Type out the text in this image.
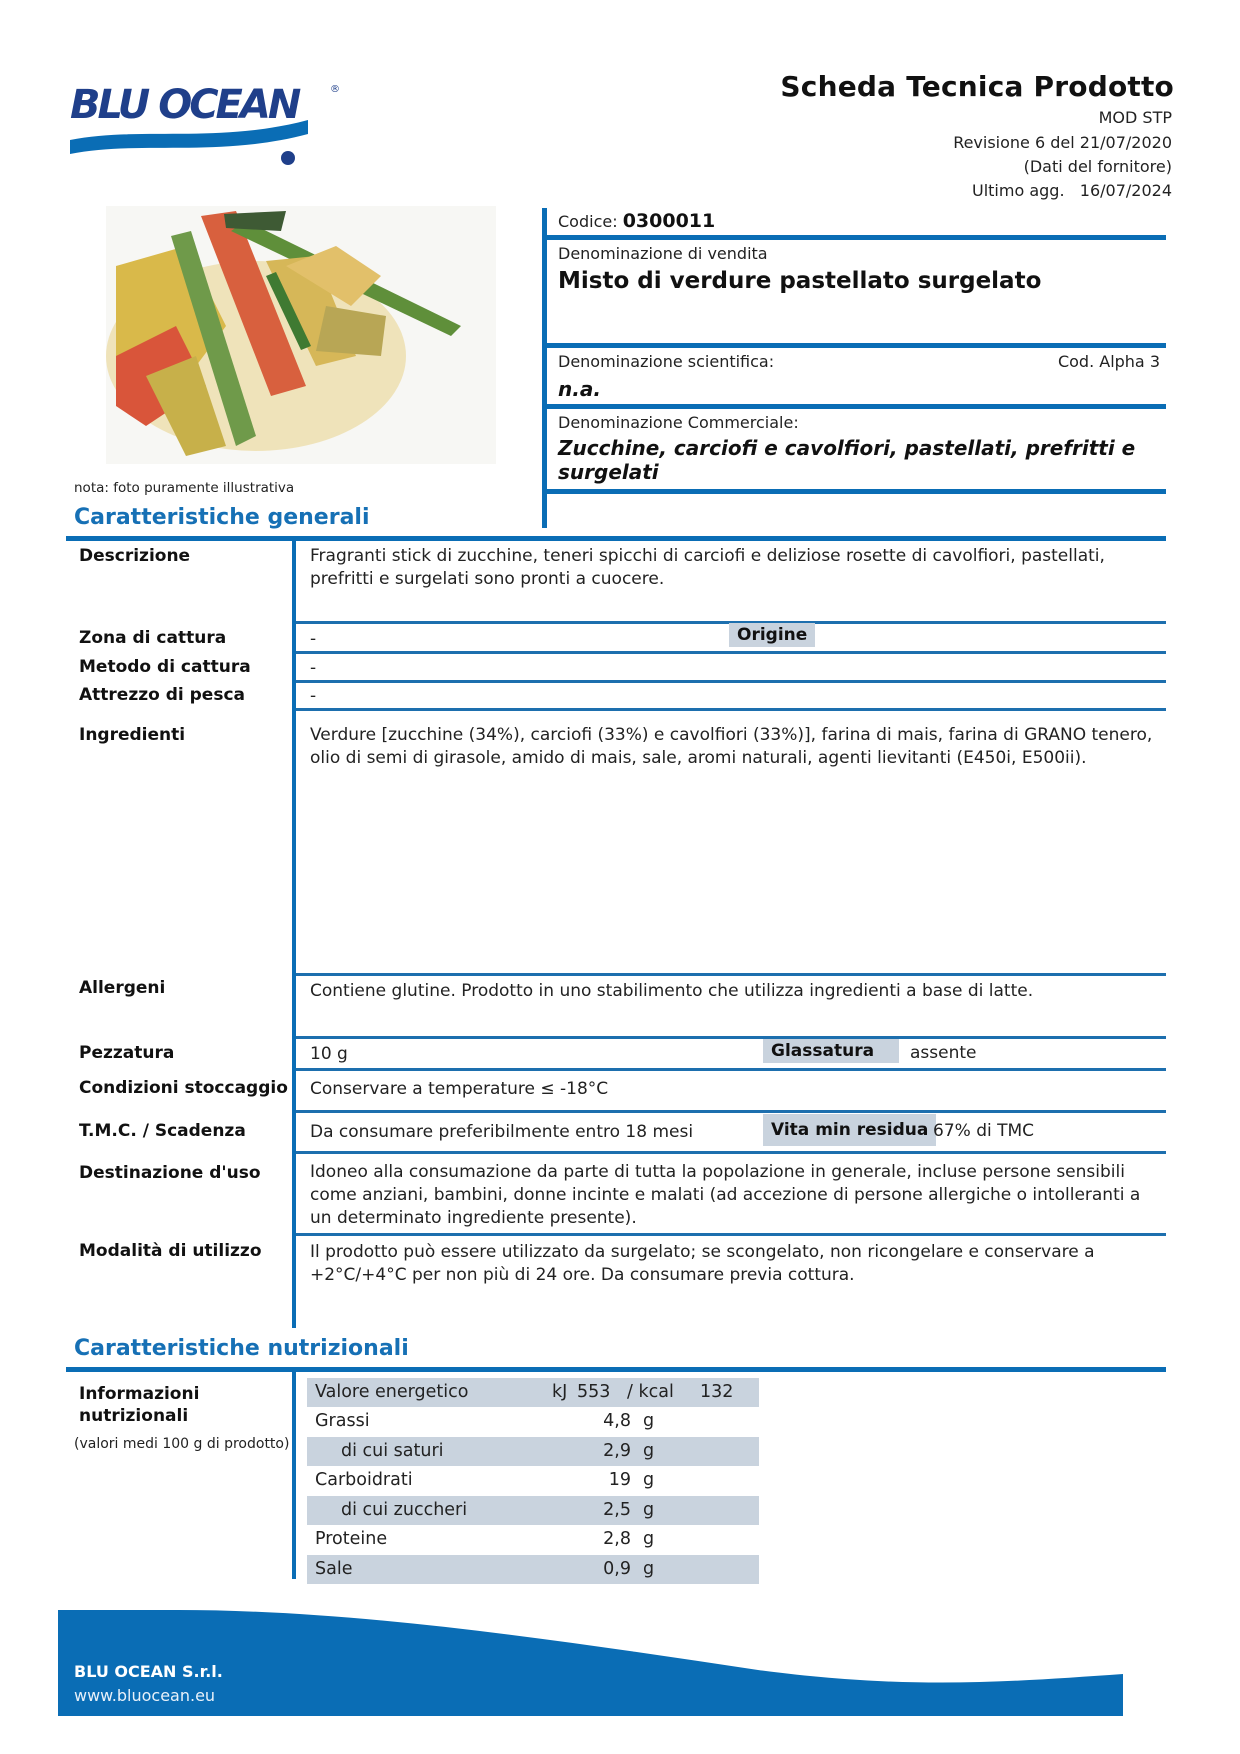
BLU OCEAN	®	Scheda Tecnica Prodotto
MOD STP
Revisione 6 del 21/07/2020
(Dati del fornitore)
Ultimo agg.   16/07/2024
nota: foto puramente illustrativa
Codice: 0300011
Denominazione di vendita
Misto di verdure pastellato surgelato
Denominazione scientifica:	Cod. Alpha 3
n.a.
Denominazione Commerciale:
Zucchine, carciofi e cavolfiori, pastellati, prefritti e surgelati
Caratteristiche generali
Descrizione	Fragranti stick di zucchine, teneri spicchi di carciofi e deliziose rosette di cavolfiori, pastellati, prefritti e surgelati sono pronti a cuocere.
Zona di cattura	-	Origine
Metodo di cattura	-
Attrezzo di pesca	-
Ingredienti	Verdure [zucchine (34%), carciofi (33%) e cavolfiori (33%)], farina di mais, farina di GRANO tenero, olio di semi di girasole, amido di mais, sale, aromi naturali, agenti lievitanti (E450i, E500ii).
Allergeni	Contiene glutine. Prodotto in uno stabilimento che utilizza ingredienti a base di latte.
Pezzatura	10 g	Glassatura	assente
Condizioni stoccaggio Conservare a temperature ≤ -18°C
T.M.C. / Scadenza	Da consumare preferibilmente entro 18 mesi	Vita min residua 67% di TMC
Destinazione d'uso	Idoneo alla consumazione da parte di tutta la popolazione in generale, incluse persone sensibili come anziani, bambini, donne incinte e malati (ad accezione di persone allergiche o intolleranti a un determinato ingrediente presente).
Modalità di utilizzo	Il prodotto può essere utilizzato da surgelato; se scongelato, non ricongelare e conservare a +2°C/+4°C per non più di 24 ore. Da consumare previa cottura.
Caratteristiche nutrizionali
Informazioni
nutrizionali
(valori medi 100 g di prodotto)
Valore energetico	kJ 553 / kcal 132
Grassi	4,8 g
di cui saturi	2,9 g
Carboidrati	19 g
di cui zuccheri	2,5 g
Proteine	2,8 g
Sale	0,9 g
BLU OCEAN S.r.l.
www.bluocean.eu
